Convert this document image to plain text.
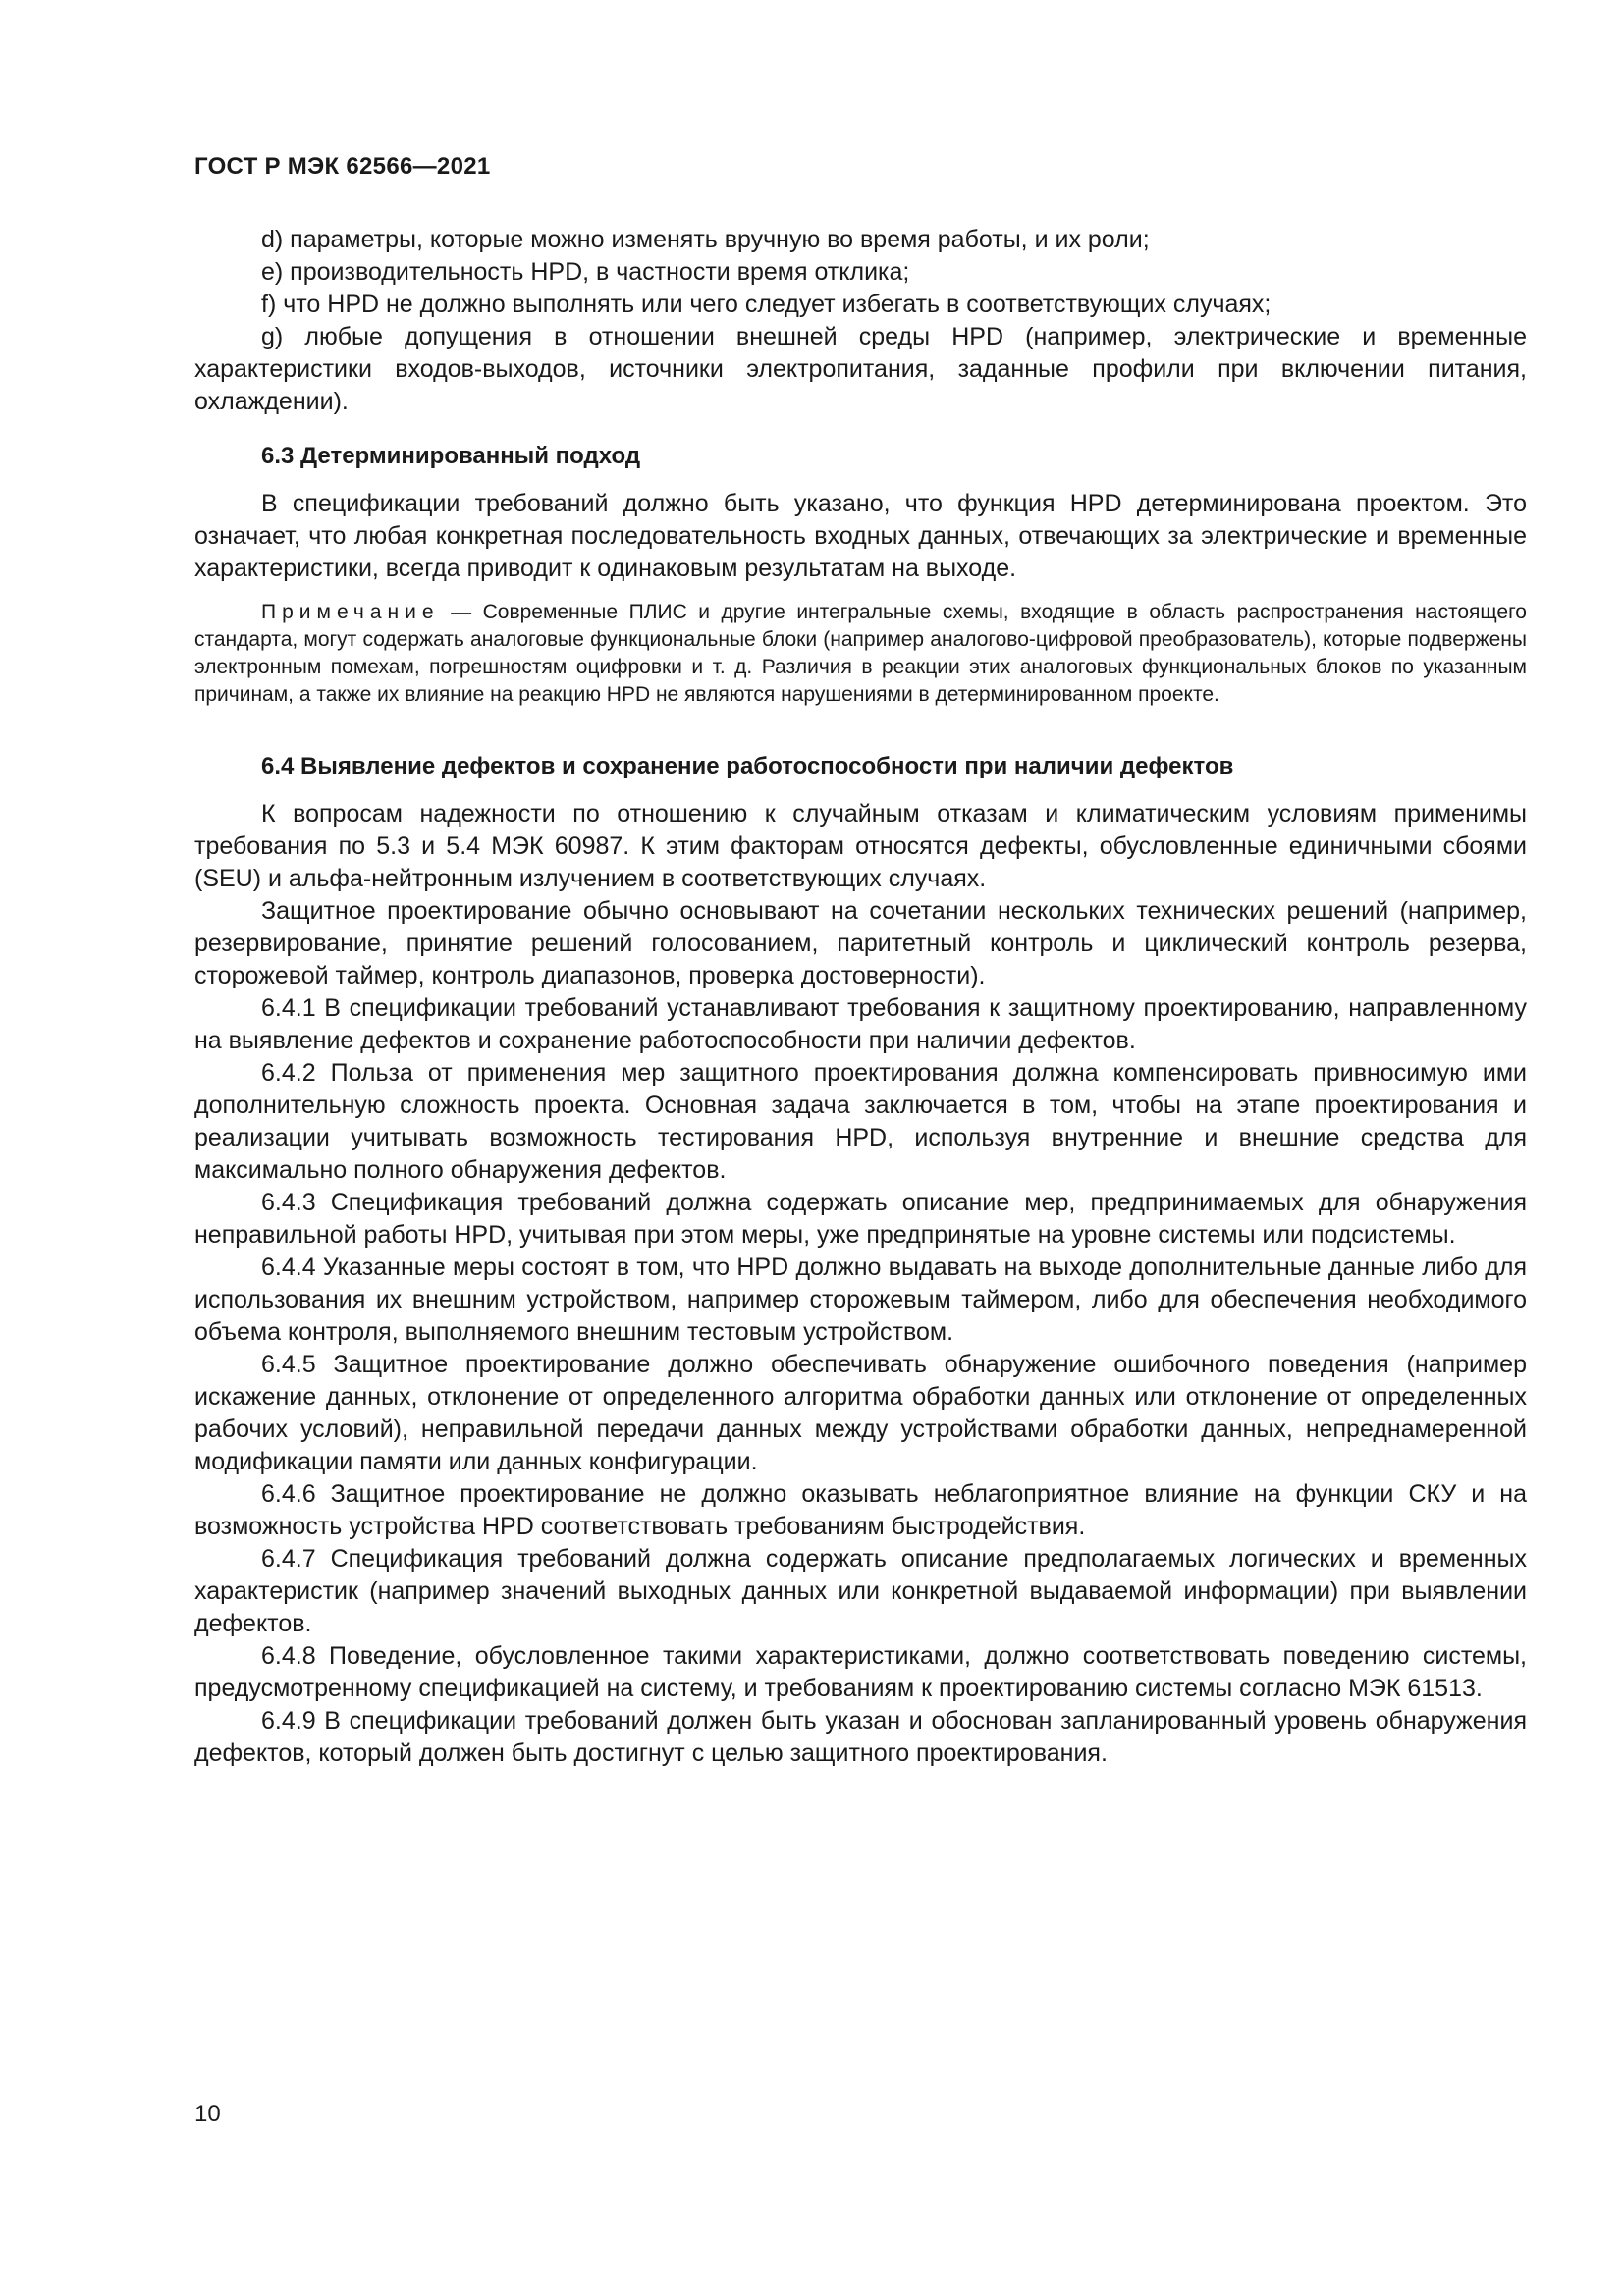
ГОСТ Р МЭК 62566—2021

d) параметры, которые можно изменять вручную во время работы, и их роли;

e) производительность HPD, в частности время отклика;

f) что HPD не должно выполнять или чего следует избегать в соответствующих случаях;

g) любые допущения в отношении внешней среды HPD (например, электрические и временные характеристики входов-выходов, источники электропитания, заданные профили при включении питания, охлаждении).

6.3 Детерминированный подход

В спецификации требований должно быть указано, что функция HPD детерминирована проектом. Это означает, что любая конкретная последовательность входных данных, отвечающих за электрические и временные характеристики, всегда приводит к одинаковым результатам на выходе.

Примечание — Современные ПЛИС и другие интегральные схемы, входящие в область распространения настоящего стандарта, могут содержать аналоговые функциональные блоки (например аналогово-цифровой преобразователь), которые подвержены электронным помехам, погрешностям оцифровки и т. д. Различия в реакции этих аналоговых функциональных блоков по указанным причинам, а также их влияние на реакцию HPD не являются нарушениями в детерминированном проекте.
6.4 Выявление дефектов и сохранение работоспособности при наличии дефектов

К вопросам надежности по отношению к случайным отказам и климатическим условиям применимы требования по 5.3 и 5.4 МЭК 60987. К этим факторам относятся дефекты, обусловленные единичными сбоями (SEU) и альфа-нейтронным излучением в соответствующих случаях.

Защитное проектирование обычно основывают на сочетании нескольких технических решений (например, резервирование, принятие решений голосованием, паритетный контроль и циклический контроль резерва, сторожевой таймер, контроль диапазонов, проверка достоверности).

6.4.1 В спецификации требований устанавливают требования к защитному проектированию, направленному на выявление дефектов и сохранение работоспособности при наличии дефектов.

6.4.2 Польза от применения мер защитного проектирования должна компенсировать привносимую ими дополнительную сложность проекта. Основная задача заключается в том, чтобы на этапе проектирования и реализации учитывать возможность тестирования HPD, используя внутренние и внешние средства для максимально полного обнаружения дефектов.

6.4.3 Спецификация требований должна содержать описание мер, предпринимаемых для обнаружения неправильной работы HPD, учитывая при этом меры, уже предпринятые на уровне системы или подсистемы.

6.4.4 Указанные меры состоят в том, что HPD должно выдавать на выходе дополнительные данные либо для использования их внешним устройством, например сторожевым таймером, либо для обеспечения необходимого объема контроля, выполняемого внешним тестовым устройством.

6.4.5 Защитное проектирование должно обеспечивать обнаружение ошибочного поведения (например искажение данных, отклонение от определенного алгоритма обработки данных или отклонение от определенных рабочих условий), неправильной передачи данных между устройствами обработки данных, непреднамеренной модификации памяти или данных конфигурации.

6.4.6 Защитное проектирование не должно оказывать неблагоприятное влияние на функции СКУ и на возможность устройства HPD соответствовать требованиям быстродействия.

6.4.7 Спецификация требований должна содержать описание предполагаемых логических и временных характеристик (например значений выходных данных или конкретной выдаваемой информации) при выявлении дефектов.

6.4.8 Поведение, обусловленное такими характеристиками, должно соответствовать поведению системы, предусмотренному спецификацией на систему, и требованиям к проектированию системы согласно МЭК 61513.

6.4.9 В спецификации требований должен быть указан и обоснован запланированный уровень обнаружения дефектов, который должен быть достигнут с целью защитного проектирования.

10
